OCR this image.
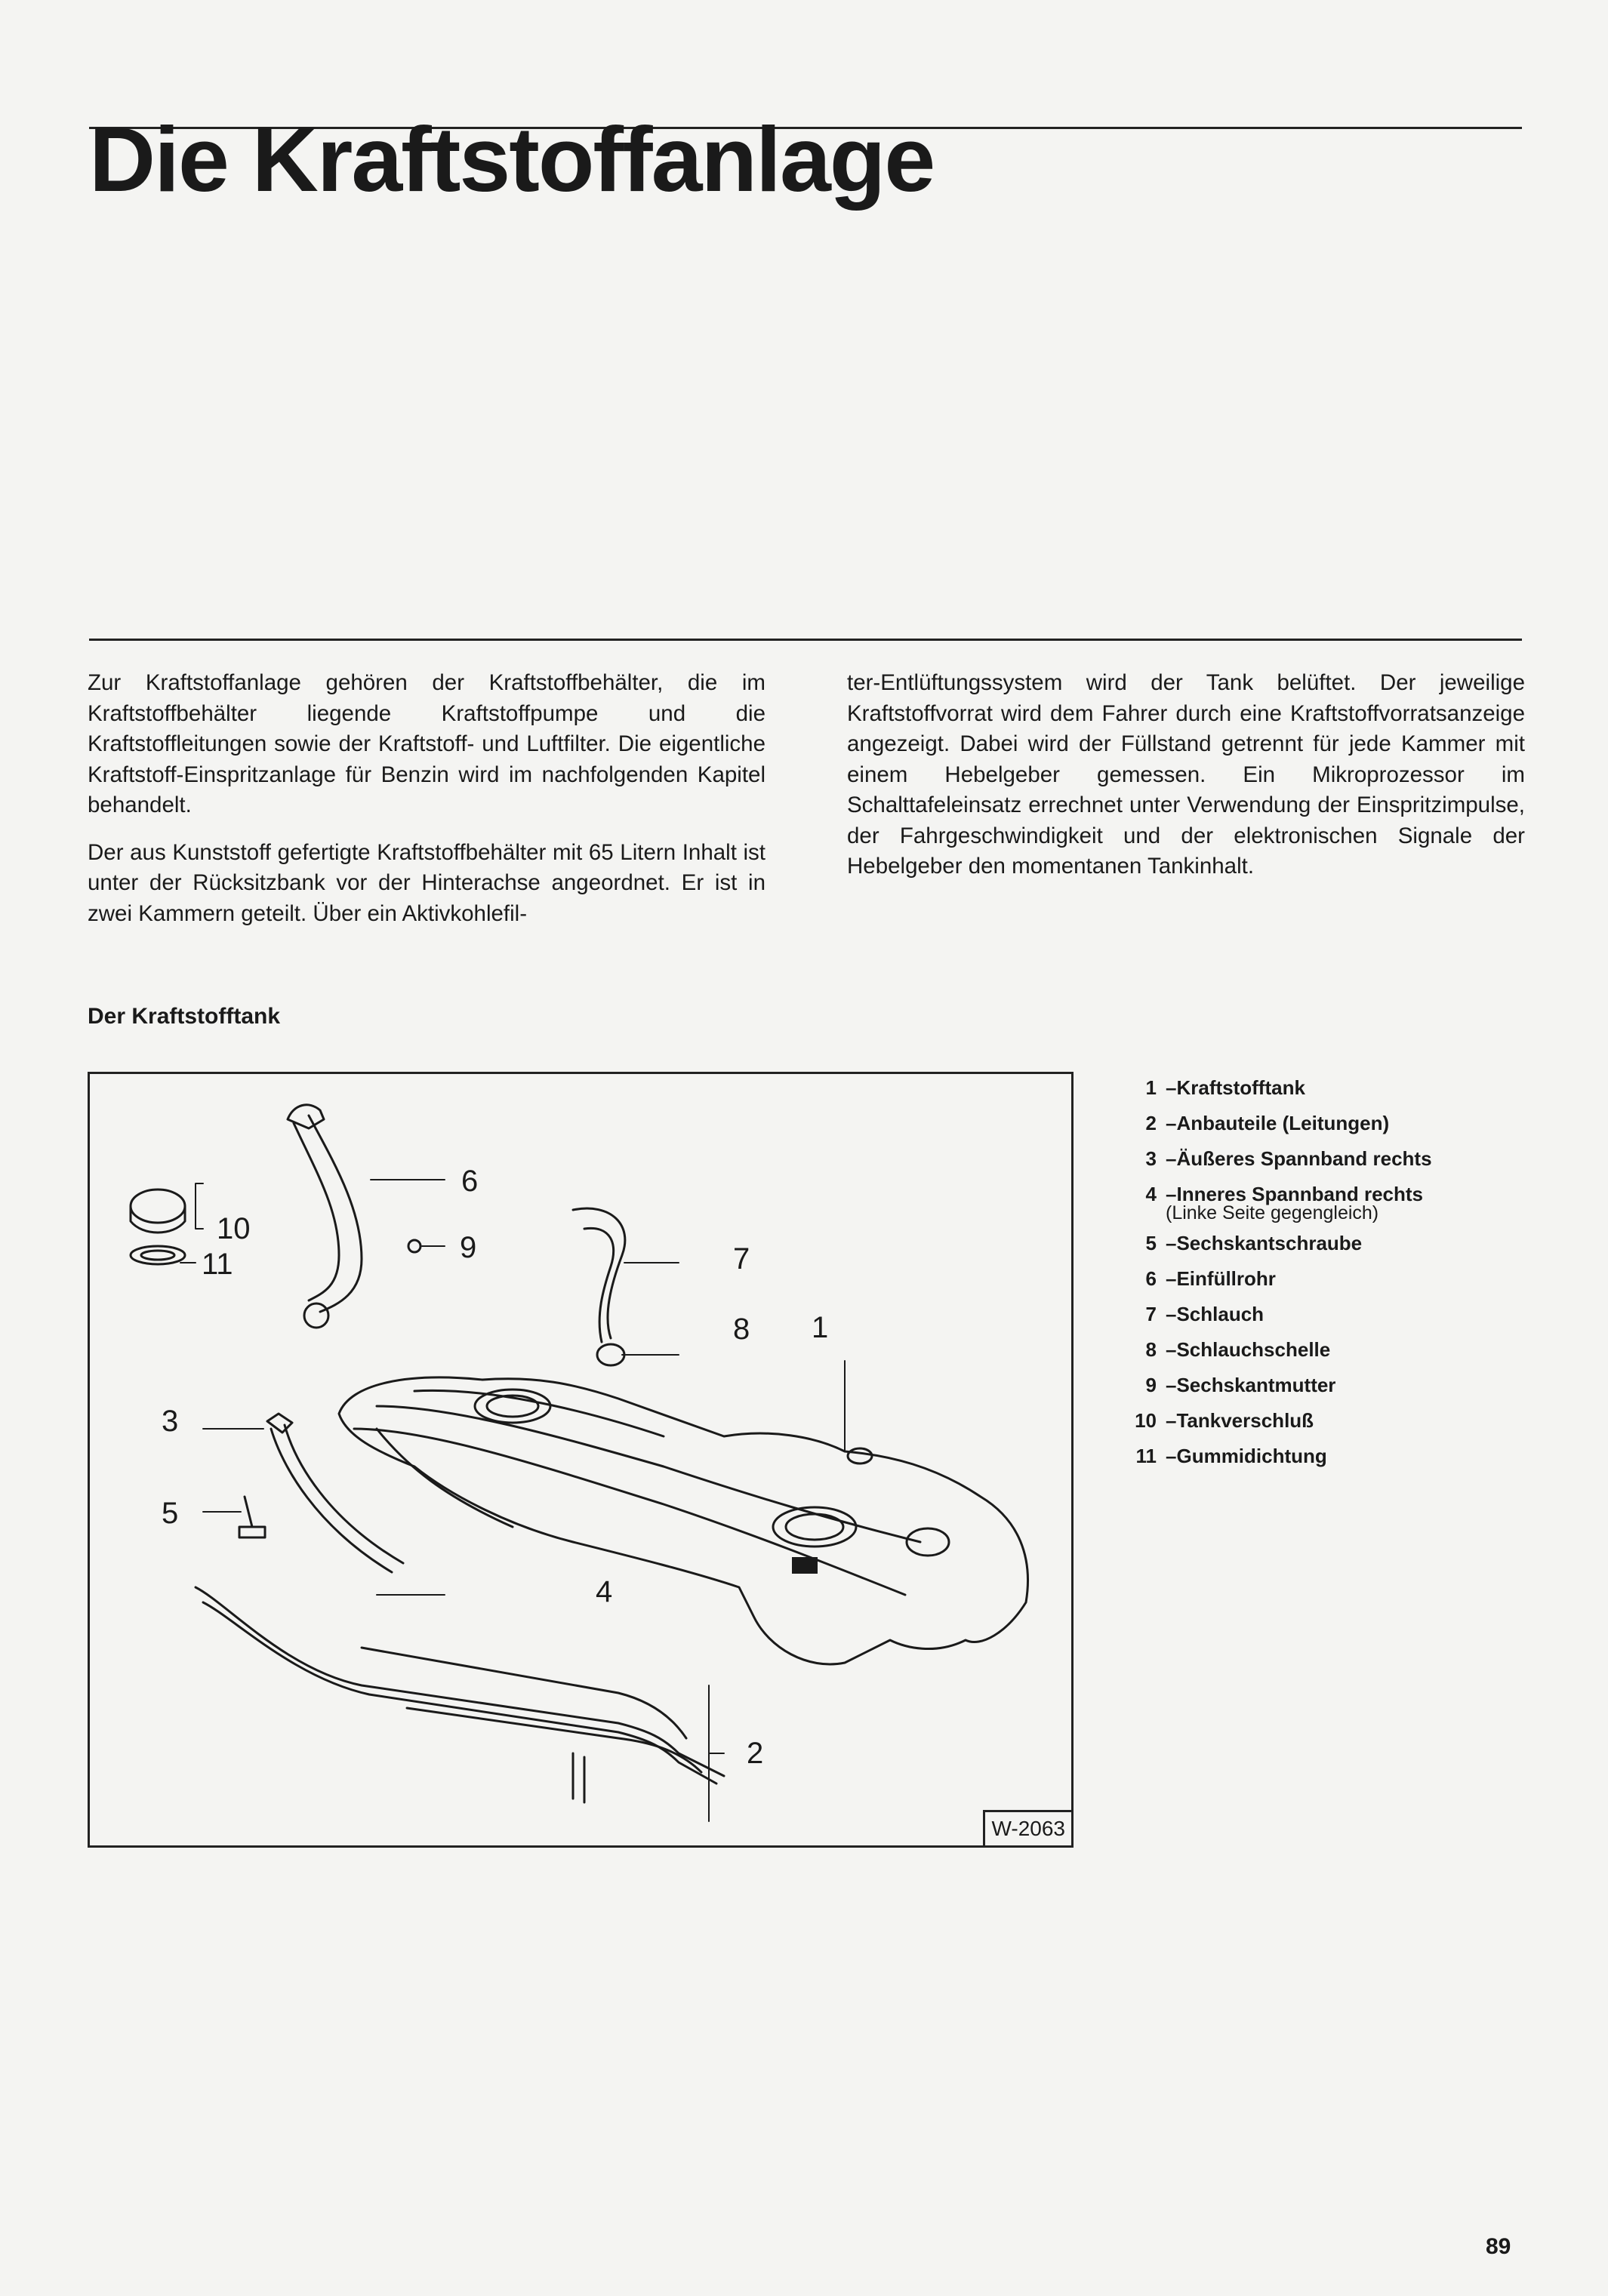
Die Kraftstoffanlage

Zur Kraftstoffanlage gehören der Kraftstoffbehälter, die im Kraftstoffbehälter liegende Kraftstoffpumpe und die Kraftstoffleitungen sowie der Kraftstoff- und Luftfilter. Die eigentliche Kraftstoff-Einspritzanlage für Benzin wird im nachfolgenden Kapitel behandelt.

Der aus Kunststoff gefertigte Kraftstoffbehälter mit 65 Litern Inhalt ist unter der Rücksitzbank vor der Hinterachse angeordnet. Er ist in zwei Kammern geteilt. Über ein Aktivkohlefil-

ter-Entlüftungssystem wird der Tank belüftet. Der jeweilige Kraftstoffvorrat wird dem Fahrer durch eine Kraftstoffvorratsanzeige angezeigt. Dabei wird der Füllstand getrennt für jede Kammer mit einem Hebelgeber gemessen. Ein Mikroprozessor im Schalttafeleinsatz errechnet unter Verwendung der Einspritzimpulse, der Fahrgeschwindigkeit und der elektronischen Signale der Hebelgeber den momentanen Tankinhalt.

Der Kraftstofftank
6
10
11	9	7
8 1
3
5
4
2
W-2063
1 – Kraftstofftank
2 – Anbauteile (Leitungen)
3 – Äußeres Spannband rechts
4 – Inneres Spannband rechts
(Linke Seite gegengleich)
5 – Sechskantschraube
6 – Einfüllrohr
7 – Schlauch
8 – Schlauchschelle
9 – Sechskantmutter
10 – Tankverschluß
11 – Gummidichtung
89
